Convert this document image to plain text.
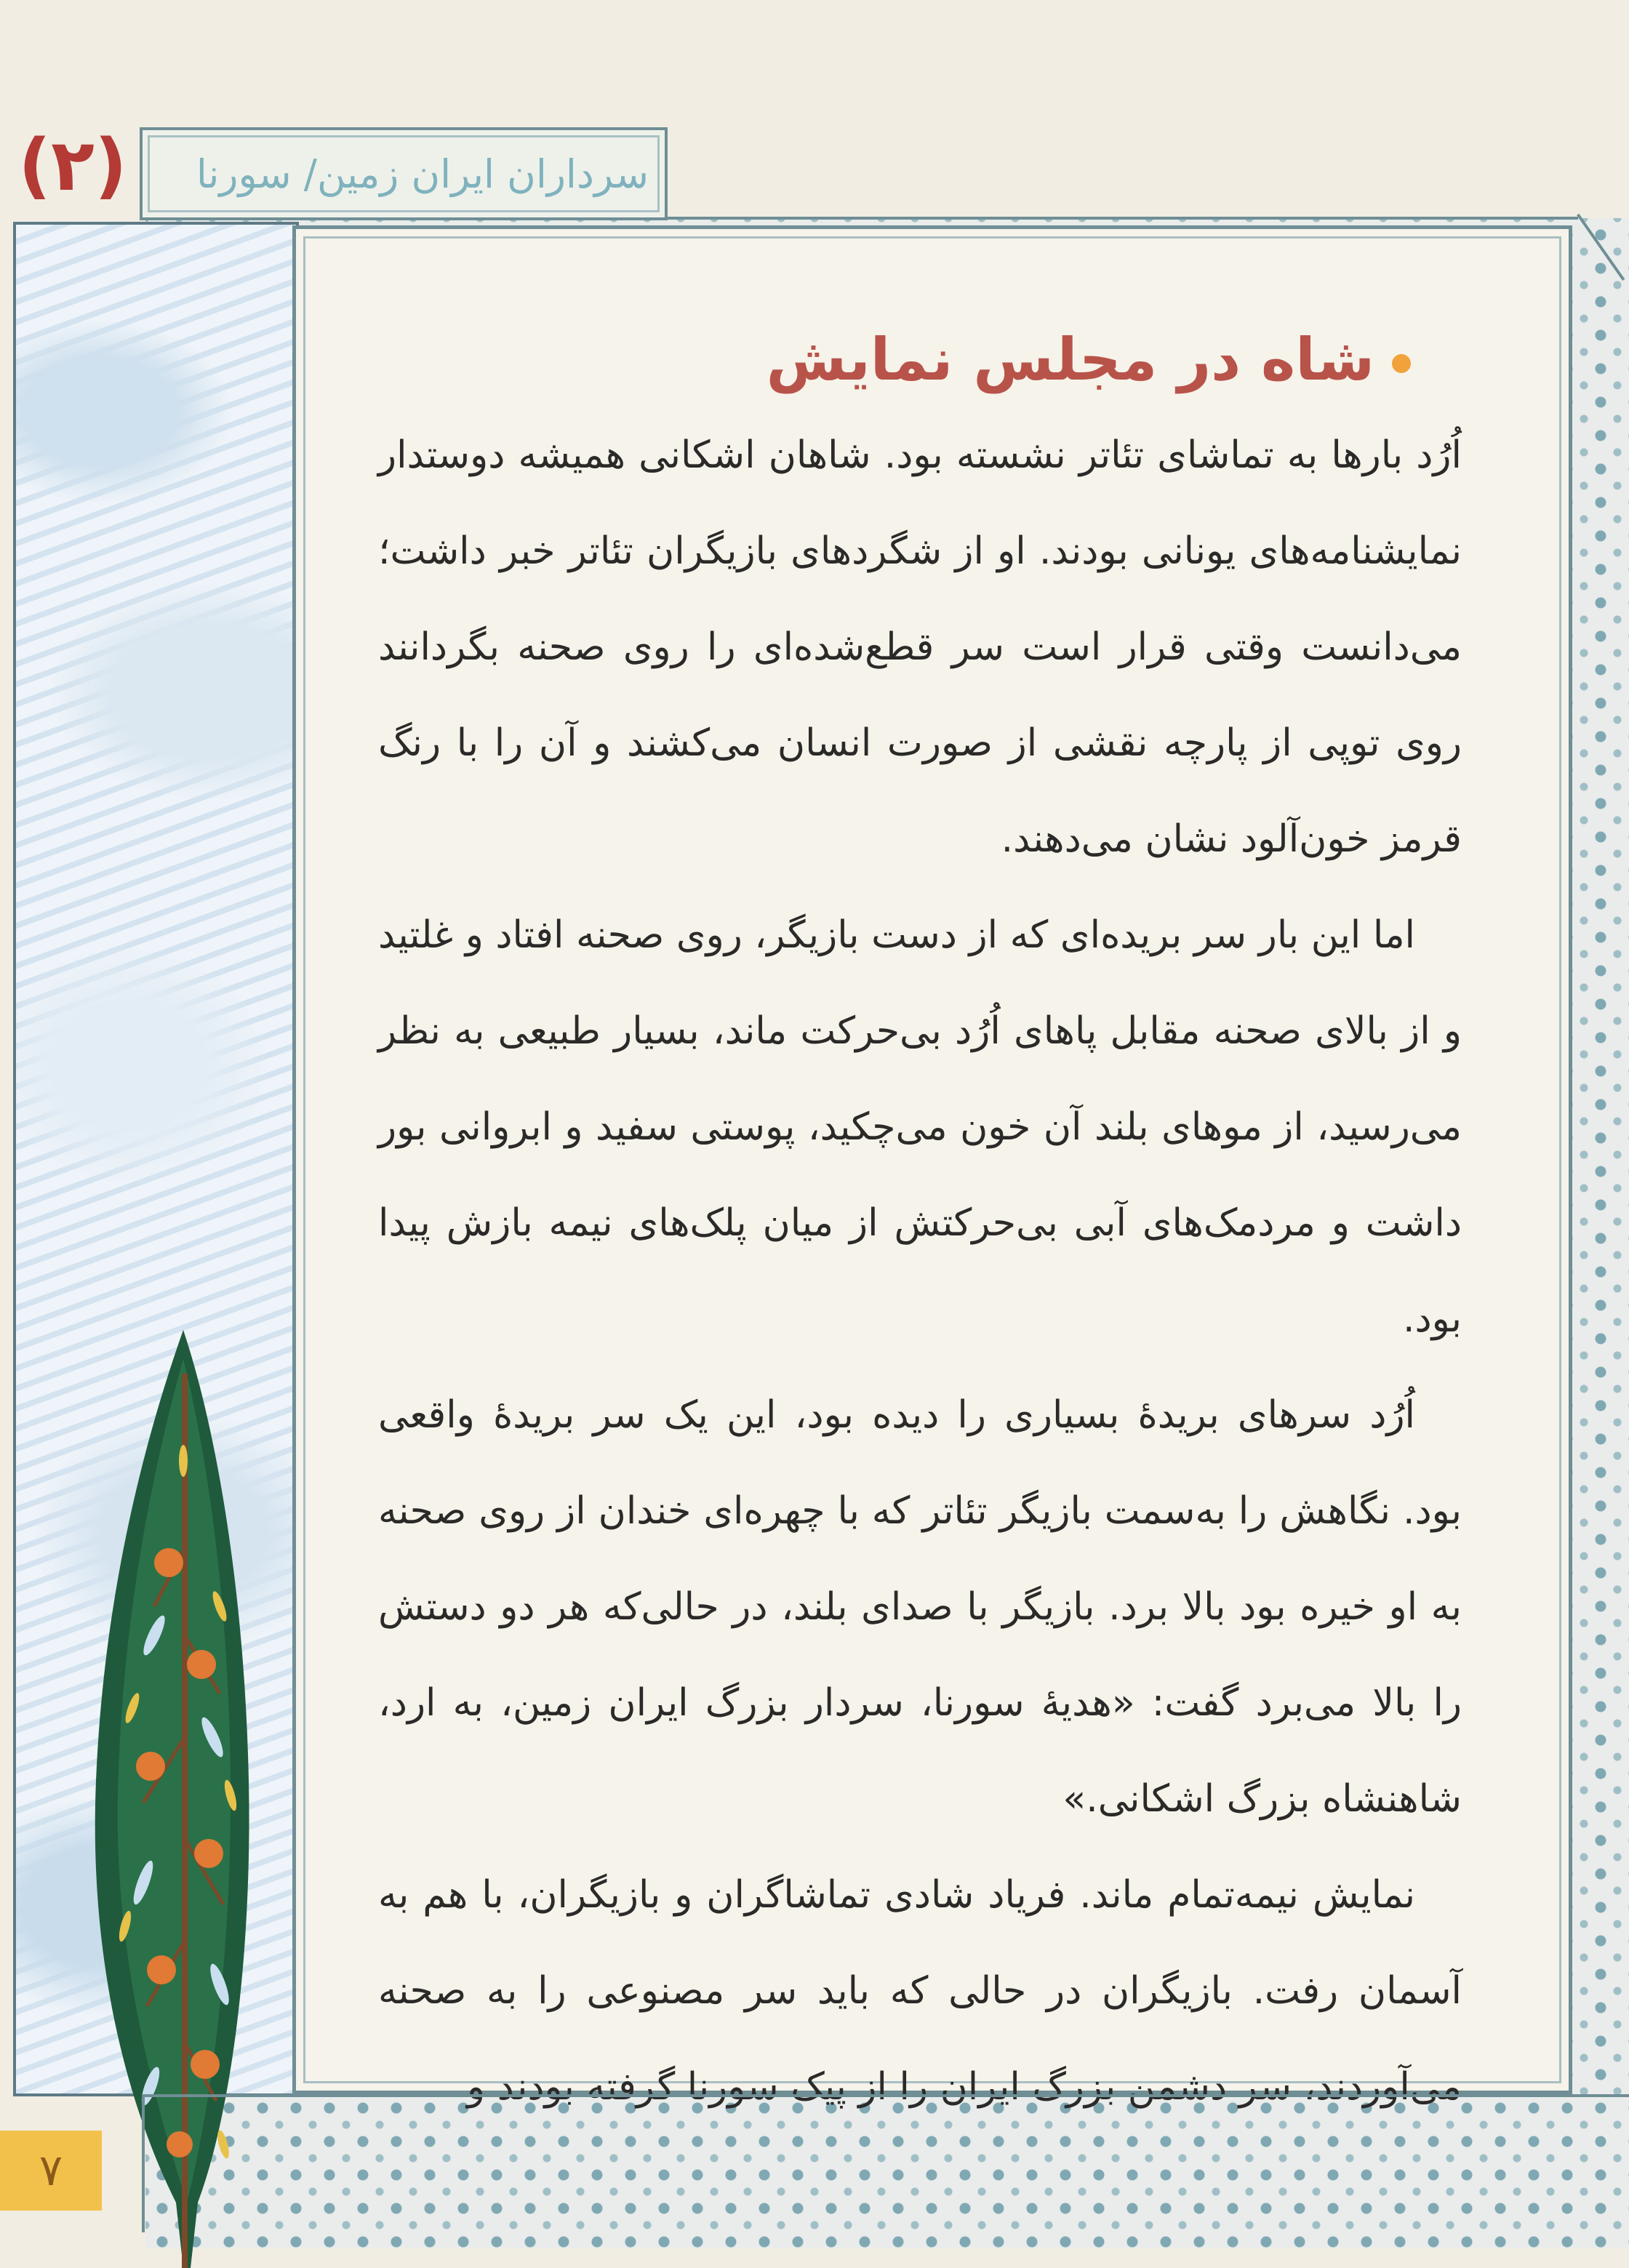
(۲)	سرداران ایران زمین/ سورنا
شاه در مجلس نمایش

اُرُد بارها به تماشای تئاتر نشسته بود. شاهان اشکانی همیشه دوستدار نمایشنامه‌های یونانی بودند. او از شگردهای بازیگران تئاتر خبر داشت؛ می‌دانست وقتی قرار است سر قطع‌شده‌ای را روی صحنه بگردانند روی توپی از پارچه نقشی از صورت انسان می‌کشند و آن را با رنگ قرمز خون‌آلود نشان می‌دهند.

اما این بار سر بریده‌ای که از دست بازیگر، روی صحنه افتاد و غلتید و از بالای صحنه مقابل پاهای اُرُد بی‌حرکت ماند، بسیار طبیعی به نظر می‌رسید، از موهای بلند آن خون می‌چکید، پوستی سفید و ابروانی بور داشت و مردمک‌های آبی بی‌حرکتش از میان پلک‌های نیمه بازش پیدا بود.

اُرُد سرهای بریدهٔ بسیاری را دیده بود، این یک سر بریدهٔ واقعی بود. نگاهش را به‌سمت بازیگر تئاتر که با چهره‌ای خندان از روی صحنه به او خیره بود بالا برد. بازیگر با صدای بلند، در حالی‌که هر دو دستش را بالا می‌برد گفت: «هدیهٔ سورنا، سردار بزرگ ایران زمین، به ارد، شاهنشاه بزرگ اشکانی.»

نمایش نیمه‌تمام ماند. فریاد شادی تماشاگران و بازیگران، با هم به آسمان رفت. بازیگران در حالی که باید سر مصنوعی را به صحنه می‌آوردند، سر دشمن بزرگ ایران را از پیک سورنا گرفته بودند و

۷
